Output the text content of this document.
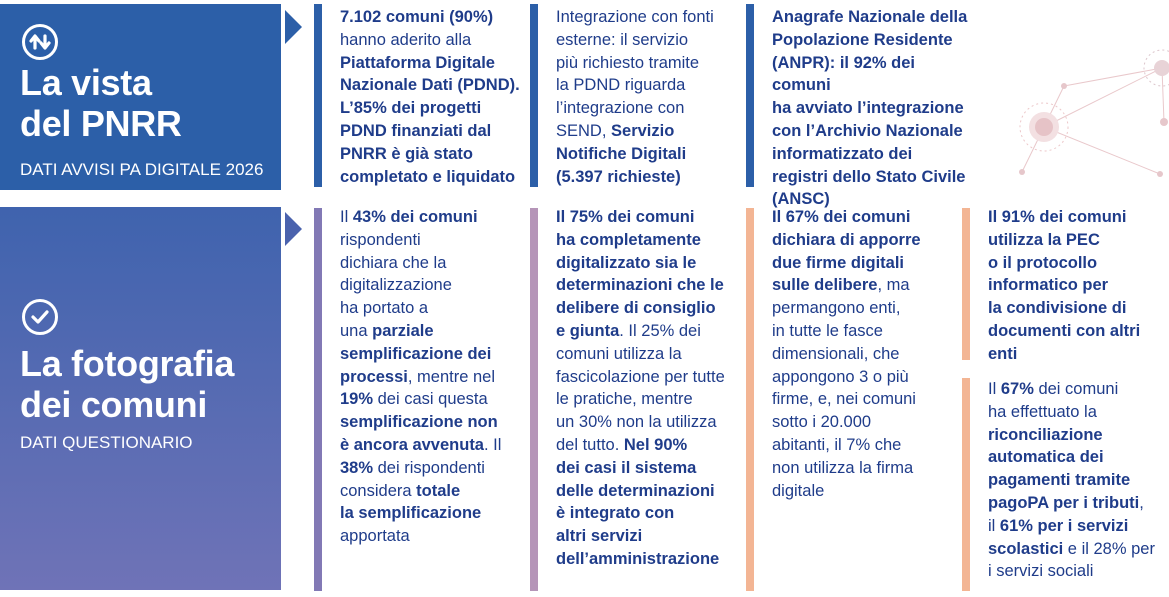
La vista
del PNRR
DATI AVVISI PA DIGITALE 2026
La fotografia
dei comuni
DATI QUESTIONARIO
7.102 comuni (90%)
hanno aderito alla
Piattaforma Digitale
Nazionale Dati (PDND).
L’85% dei progetti
PDND finanziati dal
PNRR è già stato
completato e liquidato
Integrazione con fonti
esterne: il servizio
più richiesto tramite
la PDND riguarda
l’integrazione con
SEND, Servizio
Notifiche Digitali
(5.397 richieste)
Anagrafe Nazionale della
Popolazione Residente
(ANPR): il 92% dei comuni
ha avviato l’integrazione
con l’Archivio Nazionale
informatizzato dei
registri dello Stato Civile
(ANSC)
Il 43% dei comuni
rispondenti
dichiara che la
digitalizzazione
ha portato a
una parziale
semplificazione dei
processi, mentre nel
19% dei casi questa
semplificazione non
è ancora avvenuta. Il
38% dei rispondenti
considera totale
la semplificazione
apportata
Il 75% dei comuni
ha completamente
digitalizzato sia le
determinazioni che le
delibere di consiglio
e giunta. Il 25% dei
comuni utilizza la
fascicolazione per tutte
le pratiche, mentre
un 30% non la utilizza
del tutto. Nel 90%
dei casi il sistema
delle determinazioni
è integrato con
altri servizi
dell’amministrazione
Il 67% dei comuni
dichiara di apporre
due firme digitali
sulle delibere, ma
permangono enti,
in tutte le fasce
dimensionali, che
appongono 3 o più
firme, e, nei comuni
sotto i 20.000
abitanti, il 7% che
non utilizza la firma
digitale
Il 91% dei comuni
utilizza la PEC
o il protocollo
informatico per
la condivisione di
documenti con altri
enti
Il 67% dei comuni
ha effettuato la
riconciliazione
automatica dei
pagamenti tramite
pagoPA per i tributi,
il 61% per i servizi
scolastici e il 28% per
i servizi sociali
